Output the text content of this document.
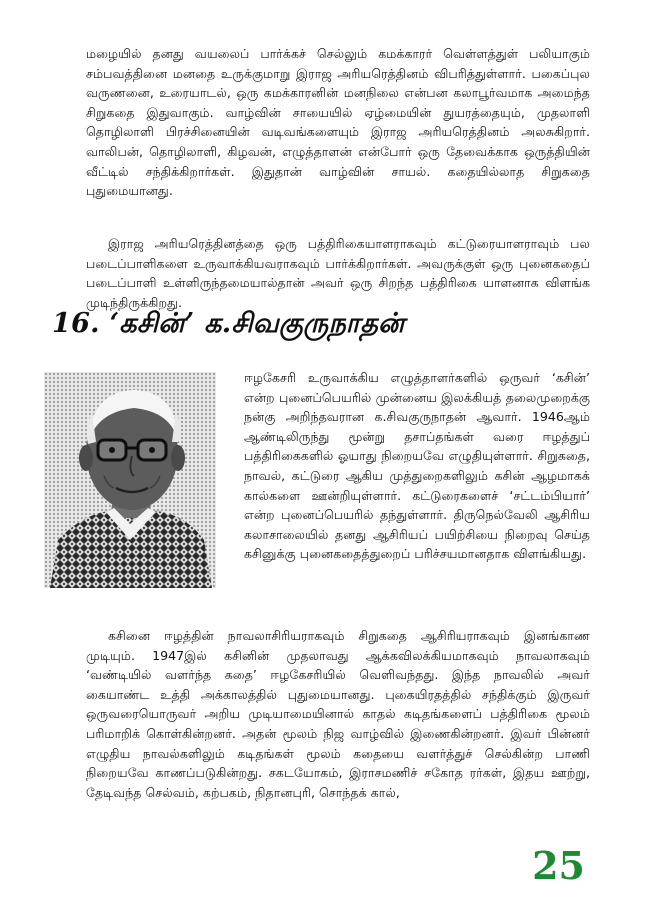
மழையில் தனது வயலைப் பார்க்கச் செல்லும் கமக்காரர் வெள்ளத்துள் பலியாகும் சம்பவத்தினை மனதை உருக்குமாறு இராஜ அரியரெத்தினம் விபரித்துள்ளார். பகைப்புல வருணனை, உரையாடல், ஒரு கமக்காரனின் மனநிலை என்பன கலாபூர்வமாக அமைந்த சிறுகதை இதுவாகும். வாழ்வின் சாயையில் ஏழ்மையின் துயரத்தையும், முதலாளி தொழிலாளி பிரச்சினையின் வடிவங்களையும் இராஜ அரியரெத்தினம் அலசுகிறார். வாலிபன், தொழிலாளி, கிழவன், எழுத்தாளன் என்போர் ஒரு தேவைக்காக ஒருத்தியின் வீட்டில் சந்திக்கிறார்கள். இதுதான் வாழ்வின் சாயல். கதையில்லாத சிறுகதை புதுமையானது.

இராஜ அரியரெத்தினத்தை ஒரு பத்திரிகையாளராகவும் கட்டுரையாளராவும் பல படைப்பாளிகளை உருவாக்கியவராகவும் பார்க்கிறார்கள். அவருக்குள் ஒரு புனைகதைப் படைப்பாளி உள்ளிருந்தமையால்தான் அவர் ஒரு சிறந்த பத்திரிகை யாளனாக விளங்க முடிந்திருக்கிறது.

16. ‘கசின்’ க.சிவகுருநாதன்

ஈழகேசரி உருவாக்கிய எழுத்தாளர்களில் ஒருவர் ‘கசின்’ என்ற புனைப்பெயரில் முன்னைய இலக்கியத் தலைமுறைக்கு நன்கு அறிந்தவரான க.சிவகுருநாதன் ஆவார். 1946ஆம் ஆண்டிலிருந்து மூன்று தசாப்தங்கள் வரை ஈழத்துப் பத்திரிகைகளில் ஓயாது நிறையவே எழுதியுள்ளார். சிறுகதை, நாவல், கட்டுரை ஆகிய முத்துறைகளிலும் கசின் ஆழமாகக் கால்களை ஊன்றியுள்ளார். கட்டுரைகளைச் ‘சட்டம்பியார்’ என்ற புனைப்பெயரில் தந்துள்ளார். திருநெல்வேலி ஆசிரிய கலாசாலையில் தனது ஆசிரியப் பயிற்சியை நிறைவு செய்த கசினுக்கு புனைகதைத்துறைப் பரிச்சயமானதாக விளங்கியது.

கசினை ஈழத்தின் நாவலாசிரியராகவும் சிறுகதை ஆசிரியராகவும் இனங்காண முடியும். 1947இல் கசினின் முதலாவது ஆக்கவிலக்கியமாகவும் நாவலாகவும் ‘வண்டியில் வளர்ந்த கதை’ ஈழகேசரியில் வெளிவந்தது. இந்த நாவலில் அவர் கையாண்ட உத்தி அக்காலத்தில் புதுமையானது. புகையிரதத்தில் சந்திக்கும் இருவர் ஒருவரையொருவர் அறிய முடியாமையினால் காதல் கடிதங்களைப் பத்திரிகை மூலம் பரிமாறிக் கொள்கின்றனர். அதன் மூலம் நிஜ வாழ்வில் இணைகின்றனர். இவர் பின்னர் எழுதிய நாவல்களிலும் கடிதங்கள் மூலம் கதையை வளர்த்துச் செல்கின்ற பாணி நிறையவே காணப்படுகின்றது. சகடயோகம், இராசமணிச் சகோத ரர்கள், இதய ஊற்று, தேடிவந்த செல்வம், கற்பகம், நிதானபுரி, சொந்தக் கால்,

25
